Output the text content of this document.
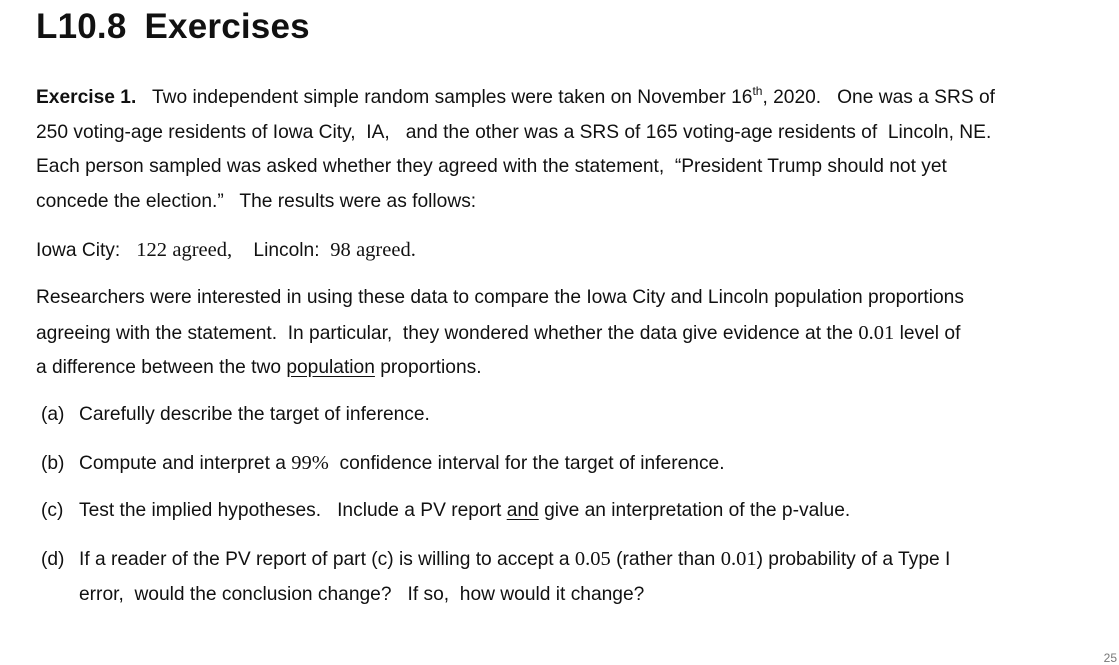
L10.8 Exercises

Exercise 1. Two independent simple random samples were taken on November 16th, 2020.   One was a SRS of
250 voting-age residents of Iowa City,  IA,   and the other was a SRS of 165 voting-age residents of  Lincoln, NE.
Each person sampled was asked whether they agreed with the statement,  “President Trump should not yet
concede the election.”   The results were as follows:

Iowa City: 122 agreed, Lincoln: 98 agreed.

Researchers were interested in using these data to compare the Iowa City and Lincoln population proportions
agreeing with the statement.  In particular,  they wondered whether the data give evidence at the 0.01 level of
a difference between the two population proportions.

(a) Carefully describe the target of inference.

(b) Compute and interpret a 99% confidence interval for the target of inference.

(c) Test the implied hypotheses.   Include a PV report and give an interpretation of the p-value.

(d) If a reader of the PV report of part (c) is willing to accept a 0.05 (rather than 0.01) probability of a Type I
error,  would the conclusion change?   If so,  how would it change?

25
